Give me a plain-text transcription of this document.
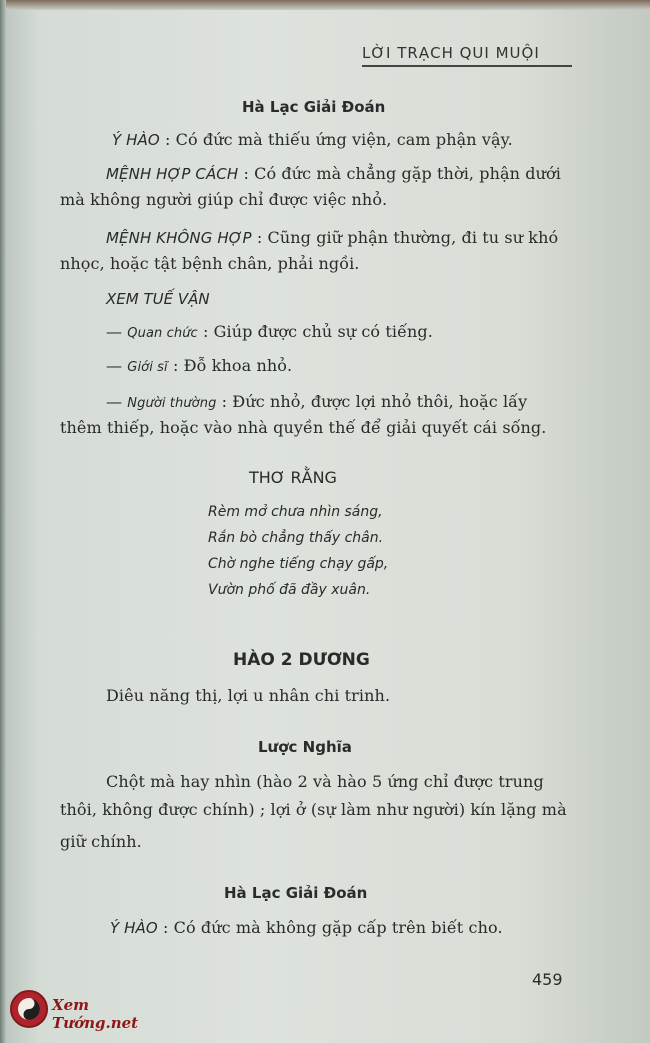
LỜI TRẠCH QUI MUỘI
Hà Lạc Giải Đoán
Ý HÀO : Có đức mà thiếu ứng viện, cam phận vậy.
MỆNH HỢP CÁCH : Có đức mà chẳng gặp thời, phận dưới
mà không người giúp chỉ được việc nhỏ.
MỆNH KHÔNG HỢP : Cũng giữ phận thường, đi tu sư khó
nhọc, hoặc tật bệnh chân, phải ngồi.
XEM TUẾ VẬN
— Quan chức : Giúp được chủ sự có tiếng.
— Giới sĩ : Đỗ khoa nhỏ.
— Người thường : Đức nhỏ, được lợi nhỏ thôi, hoặc lấy
thêm thiếp, hoặc vào nhà quyền thế để giải quyết cái sống.
THƠ RẰNG
Rèm mở chưa nhìn sáng,
Rắn bò chẳng thấy chân.
Chờ nghe tiếng chạy gấp,
Vườn phố đã đầy xuân.
HÀO 2 DƯƠNG
Diêu năng thị, lợi u nhân chi trinh.
Lược Nghĩa
Chột mà hay nhìn (hào 2 và hào 5 ứng chỉ được trung
thôi, không được chính) ; lợi ở (sự làm như người) kín lặng mà
giữ chính.
Hà Lạc Giải Đoán
Ý HÀO : Có đức mà không gặp cấp trên biết cho.
459
Xem Tướng.net
